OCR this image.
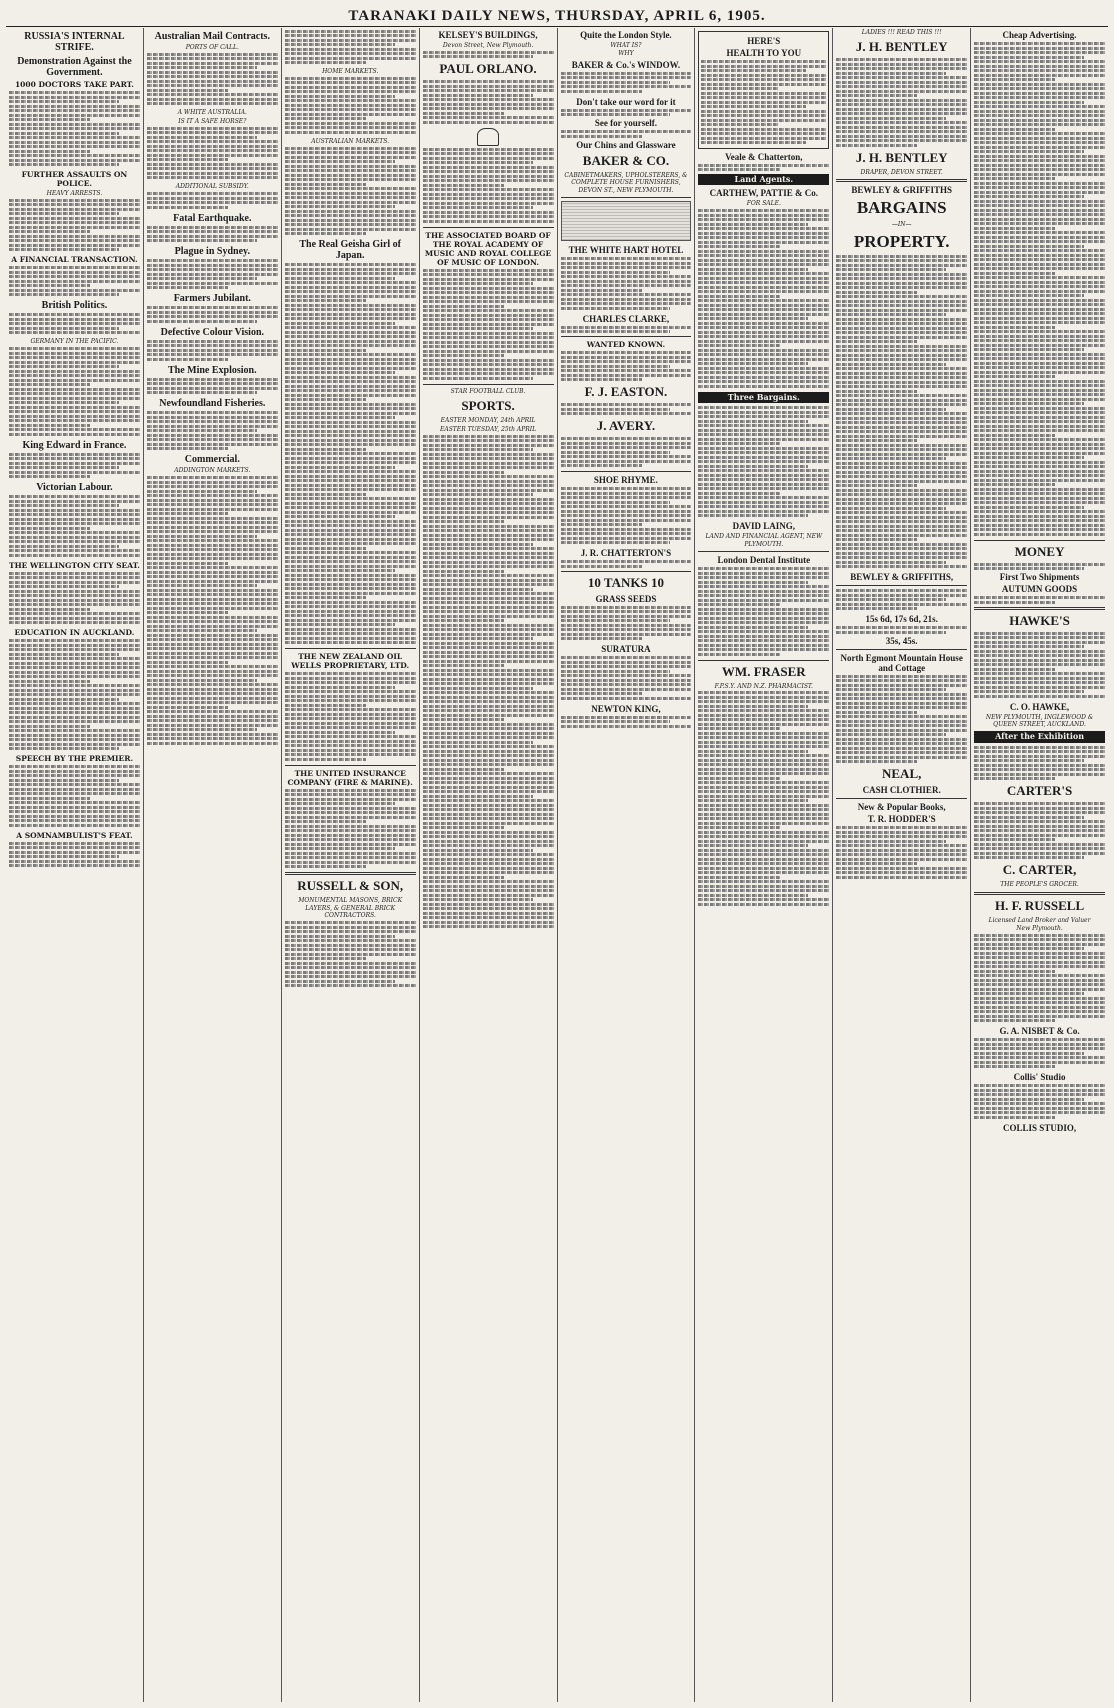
TARANAKI DAILY NEWS, THURSDAY, APRIL 6, 1905.
RUSSIA'S INTERNAL STRIFE.
Demonstration Against the Government.
1000 DOCTORS TAKE PART.
FURTHER ASSAULTS ON POLICE.
HEAVY ARRESTS.
A FINANCIAL TRANSACTION.
British Politics.
GERMANY IN THE PACIFIC.
King Edward in France.
Victorian Labour.
THE WELLINGTON CITY SEAT.
EDUCATION IN AUCKLAND.
SPEECH BY THE PREMIER.
A SOMNAMBULIST'S FEAT.
Australian Mail Contracts.
PORTS OF CALL.
A WHITE AUSTRALIA.
IS IT A SAFE HORSE?
ADDITIONAL SUBSIDY.
Fatal Earthquake.
Plague in Sydney.
Farmers Jubilant.
Defective Colour Vision.
The Mine Explosion.
Newfoundland Fisheries.
Commercial.
ADDINGTON MARKETS.
HOME MARKETS.
AUSTRALIAN MARKETS.
The Real Geisha Girl of Japan.
THE NEW ZEALAND OIL WELLS PROPRIETARY, LTD.
THE UNITED INSURANCE COMPANY (FIRE & MARINE).
RUSSELL & SON,
MONUMENTAL MASONS, BRICK LAYERS, & GENERAL BRICK CONTRACTORS.
KELSEY'S BUILDINGS,
Devon Street, New Plymouth.
PAUL ORLANO.
THE ASSOCIATED BOARD OF THE ROYAL ACADEMY OF MUSIC AND ROYAL COLLEGE OF MUSIC OF LONDON.
STAR FOOTBALL CLUB.
SPORTS.
EASTER MONDAY, 24th APRIL
EASTER TUESDAY, 25th APRIL
Quite the London Style.
WHAT IS?
WHY
BAKER & Co.'s WINDOW.
Don't take our word for it
See for yourself.
Our Chins and Glassware
BAKER & CO.
CABINETMAKERS, UPHOLSTERERS, & COMPLETE HOUSE FURNISHERS, DEVON ST., NEW PLYMOUTH.
THE WHITE HART HOTEL
CHARLES CLARKE,
WANTED KNOWN.
F. J. EASTON.
J. AVERY.
SHOE RHYME.
J. R. CHATTERTON'S
10 TANKS 10
GRASS SEEDS
SURATURA
NEWTON KING,
HERE'S
HEALTH TO YOU
Veale & Chatterton,
Land Agents.
CARTHEW, PATTIE & Co.
FOR SALE.
Three Bargains.
DAVID LAING,
LAND AND FINANCIAL AGENT, NEW PLYMOUTH.
London Dental Institute
WM. FRASER
F.P.S.Y. AND N.Z. PHARMACIST.
LADIES !!! READ THIS !!!
J. H. BENTLEY
J. H. BENTLEY
DRAPER, DEVON STREET.
BEWLEY & GRIFFITHS
BARGAINS
—IN—
PROPERTY.
BEWLEY & GRIFFITHS,
15s 6d, 17s 6d, 21s.
35s, 45s.
North Egmont Mountain House and Cottage
NEAL,
CASH CLOTHIER.
New & Popular Books,
T. R. HODDER'S
Cheap Advertising.
MONEY
First Two Shipments
AUTUMN GOODS
HAWKE'S
C. O. HAWKE,
NEW PLYMOUTH, INGLEWOOD & QUEEN STREET, AUCKLAND.
After the Exhibition
CARTER'S
C. CARTER,
THE PEOPLE'S GROCER.
H. F. RUSSELL
Licensed Land Broker and Valuer
New Plymouth.
G. A. NISBET & Co.
Collis' Studio
COLLIS STUDIO,
